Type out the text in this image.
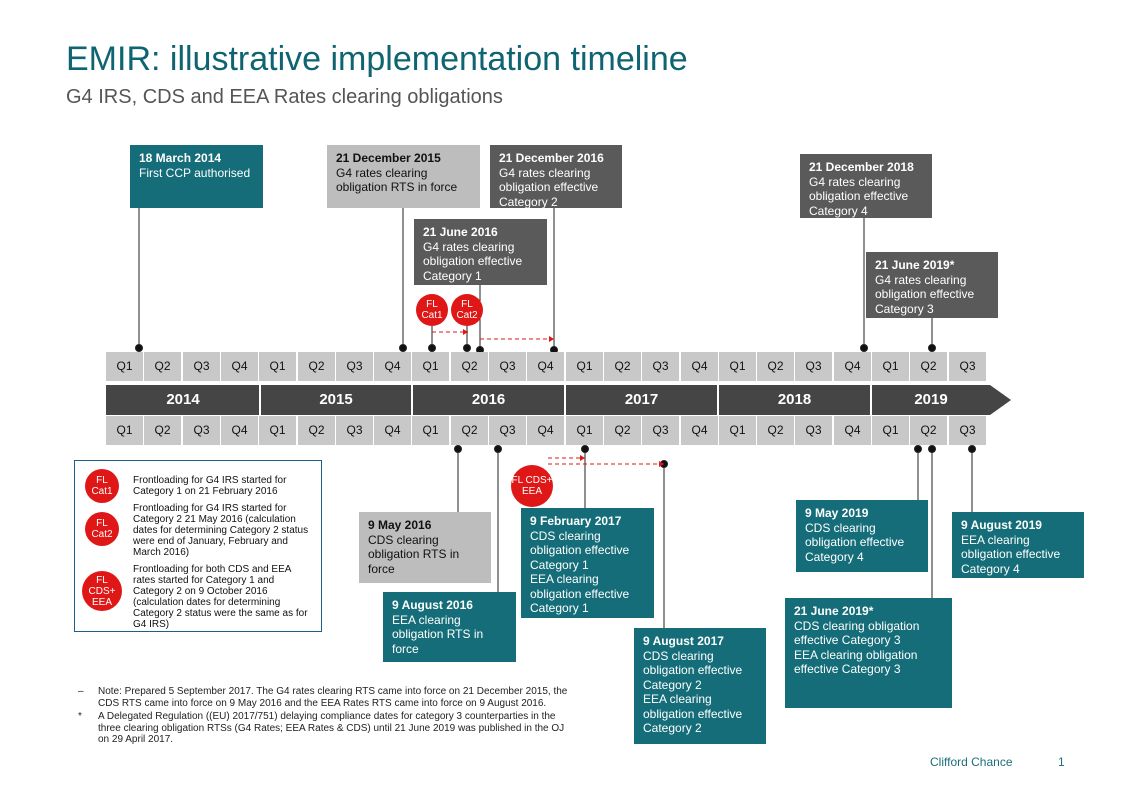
EMIR: illustrative implementation timeline
G4 IRS, CDS and EEA Rates clearing obligations
Q1	Q2	Q3	Q4	Q1	Q2	Q3	Q4	Q1	Q2	Q3	Q4	Q1	Q2	Q3	Q4	Q1	Q2	Q3	Q4	Q1	Q2	Q3
Q1	Q2	Q3	Q4	Q1	Q2	Q3	Q4	Q1	Q2	Q3	Q4	Q1	Q2	Q3	Q4	Q1	Q2	Q3	Q4	Q1	Q2	Q3
2014	2015	2016	2017	2018	2019
18 March 2014
First CCP authorised
21 December 2015
G4 rates clearing
obligation RTS in force
21 December 2016
G4 rates clearing
obligation effective
Category 2
21 June 2016
G4 rates clearing
obligation effective
Category 1
21 December 2018
G4 rates clearing
obligation effective
Category 4
21 June 2019*
G4 rates clearing
obligation effective
Category 3
FL Cat1
FL Cat2
FL CDS+ EEA
9 May 2016
CDS clearing
obligation RTS in
force
9 August 2016
EEA clearing
obligation RTS in
force
9 February 2017
CDS clearing
obligation effective
Category 1
EEA clearing
obligation effective
Category 1
9 August 2017
CDS clearing
obligation effective
Category 2
EEA clearing
obligation effective
Category 2
9 May 2019
CDS clearing
obligation effective
Category 4
21 June 2019*
CDS clearing obligation
effective Category 3
EEA clearing obligation
effective Category 3
9 August 2019
EEA clearing
obligation effective
Category 4
FL Cat1
Frontloading for G4 IRS started for Category 1 on 21 February 2016
FL Cat2
Frontloading for G4 IRS started for Category 2 21 May 2016 (calculation dates for determining Category 2 status were end of January, February and March 2016)
FL CDS+ EEA
Frontloading for both CDS and EEA rates started for Category 1 and Category 2 on 9 October 2016 (calculation dates for determining Category 2 status were the same as for G4 IRS)
– Note: Prepared 5 September 2017. The G4 rates clearing RTS came into force on 21 December 2015, the CDS RTS came into force on 9 May 2016 and the EEA Rates RTS came into force on 9 August 2016.
* A Delegated Regulation ((EU) 2017/751) delaying compliance dates for category 3 counterparties in the three clearing obligation RTSs (G4 Rates; EEA Rates & CDS) until 21 June 2019 was published in the OJ on 29 April 2017.
Clifford Chance	1
